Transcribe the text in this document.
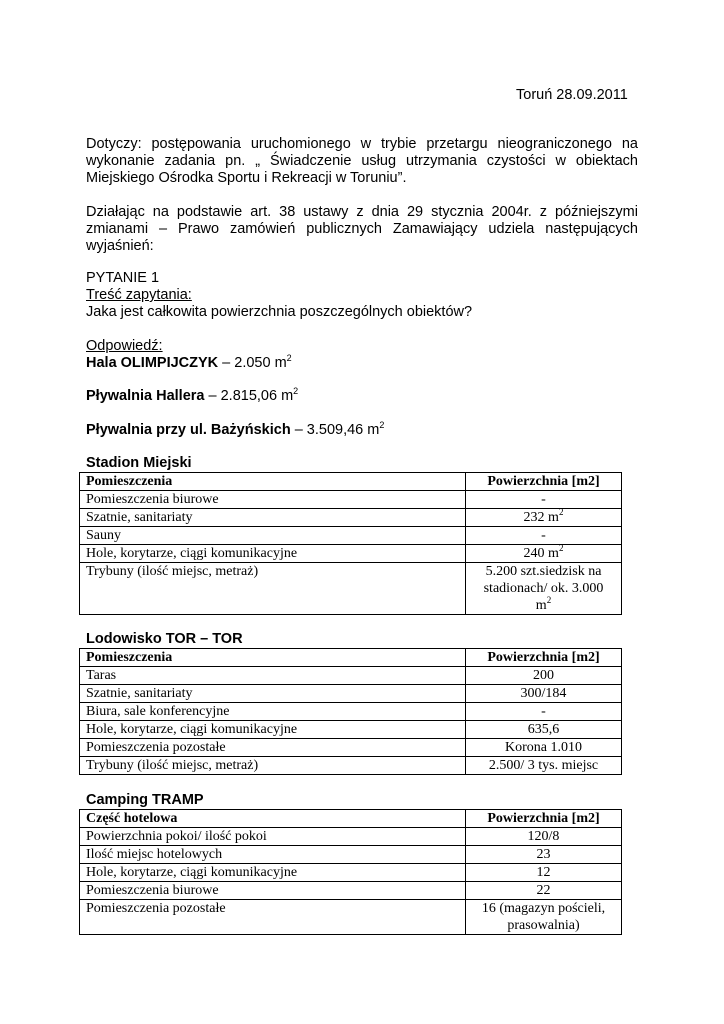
Toruń 28.09.2011
Dotyczy: postępowania uruchomionego w trybie przetargu nieograniczonego na
wykonanie zadania pn. „ Świadczenie usług utrzymania czystości w obiektach
Miejskiego Ośrodka Sportu i Rekreacji w Toruniu”.
Działając na podstawie art. 38 ustawy z dnia 29 stycznia 2004r. z późniejszymi
zmianami – Prawo zamówień publicznych Zamawiający udziela następujących
wyjaśnień:
PYTANIE 1
Treść zapytania:
Jaka jest całkowita powierzchnia poszczególnych obiektów?
Odpowiedź:
Hala OLIMPIJCZYK – 2.050 $m^2$
Pływalnia Hallera – 2.815,06 $m^2$
Pływalnia przy ul. Bażyńskich – 3.509,46 $m^2$
Stadion Miejski
Pomieszczenia	Powierzchnia [m2]
Pomieszczenia biurowe	-
Szatnie, sanitariaty	232 $m^2$
Sauny	-
Hole, korytarze, ciągi komunikacyjne	240 $m^2$
Trybuny (ilość miejsc, metraż)	5.200 szt.siedzisk na
stadionach/ ok. 3.000
$m^2$
Lodowisko TOR – TOR
Pomieszczenia	Powierzchnia [m2]
Taras	200
Szatnie, sanitariaty	300/184
Biura, sale konferencyjne	-
Hole, korytarze, ciągi komunikacyjne	635,6
Pomieszczenia pozostałe	Korona 1.010
Trybuny (ilość miejsc, metraż)	2.500/ 3 tys. miejsc
Camping TRAMP
Część hotelowa	Powierzchnia [m2]
Powierzchnia pokoi/ ilość pokoi	120/8
Ilość miejsc hotelowych	23
Hole, korytarze, ciągi komunikacyjne	12
Pomieszczenia biurowe	22
Pomieszczenia pozostałe	16 (magazyn pościeli,
prasowalnia)
